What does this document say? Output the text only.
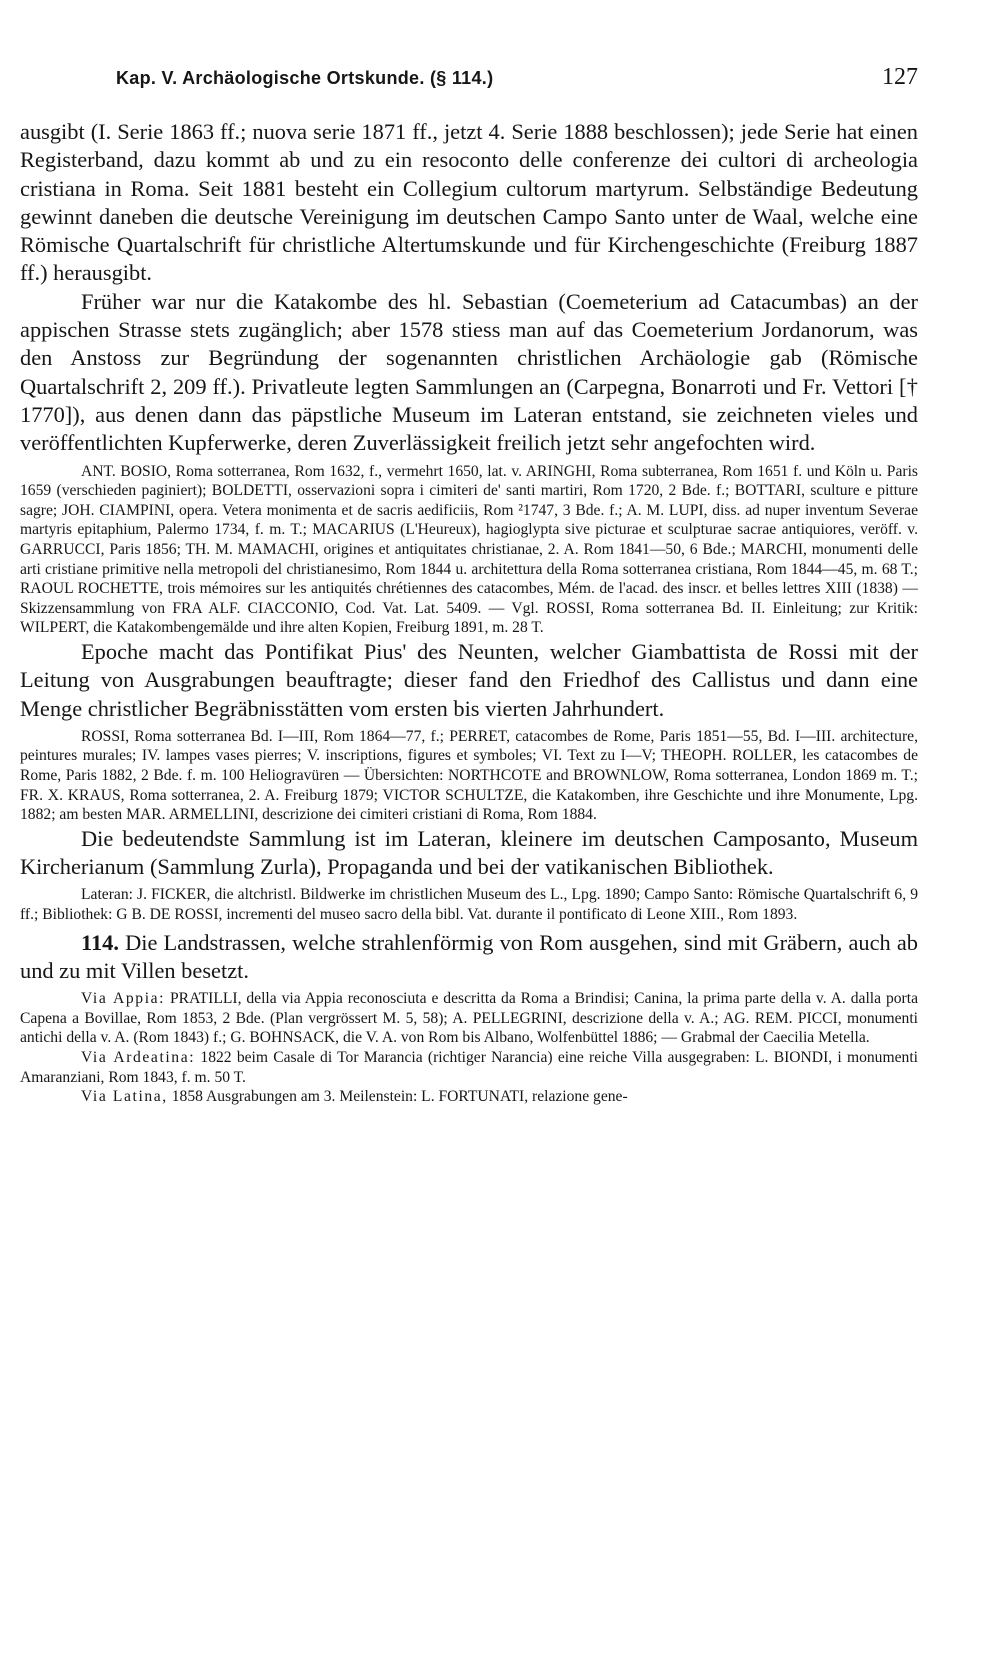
Kap. V. Archäologische Ortskunde. (§ 114.)	127

ausgibt (I. Serie 1863 ff.; nuova serie 1871 ff., jetzt 4. Serie 1888 beschlossen); jede Serie hat einen Registerband, dazu kommt ab und zu ein resoconto delle conferenze dei cultori di archeologia cristiana in Roma. Seit 1881 besteht ein Collegium cultorum martyrum. Selbständige Bedeutung gewinnt daneben die deutsche Vereinigung im deutschen Campo Santo unter de Waal, welche eine Römische Quartalschrift für christliche Altertumskunde und für Kirchengeschichte (Freiburg 1887 ff.) herausgibt.

Früher war nur die Katakombe des hl. Sebastian (Coemeterium ad Catacumbas) an der appischen Strasse stets zugänglich; aber 1578 stiess man auf das Coemeterium Jordanorum, was den Anstoss zur Begründung der sogenannten christlichen Archäologie gab (Römische Quartalschrift 2, 209 ff.). Privatleute legten Sammlungen an (Carpegna, Bonarroti und Fr. Vettori [† 1770]), aus denen dann das päpstliche Museum im Lateran entstand, sie zeichneten vieles und veröffentlichten Kupferwerke, deren Zuverlässigkeit freilich jetzt sehr angefochten wird.

ANT. BOSIO, Roma sotterranea, Rom 1632, f., vermehrt 1650, lat. v. ARINGHI, Roma subterranea, Rom 1651 f. und Köln u. Paris 1659 (verschieden paginiert); BOLDETTI, osservazioni sopra i cimiteri de' santi martiri, Rom 1720, 2 Bde. f.; BOTTARI, sculture e pitture sagre; JOH. CIAMPINI, opera. Vetera monimenta et de sacris aedificiis, Rom ²1747, 3 Bde. f.; A. M. LUPI, diss. ad nuper inventum Severae martyris epitaphium, Palermo 1734, f. m. T.; MACARIUS (L'Heureux), hagioglypta sive picturae et sculpturae sacrae antiquiores, veröff. v. GARRUCCI, Paris 1856; TH. M. MAMACHI, origines et antiquitates christianae, 2. A. Rom 1841—50, 6 Bde.; MARCHI, monumenti delle arti cristiane primitive nella metropoli del christianesimo, Rom 1844 u. architettura della Roma sotterranea cristiana, Rom 1844—45, m. 68 T.; RAOUL ROCHETTE, trois mémoires sur les antiquités chrétiennes des catacombes, Mém. de l'acad. des inscr. et belles lettres XIII (1838) — Skizzensammlung von FRA ALF. CIACCONIO, Cod. Vat. Lat. 5409. — Vgl. ROSSI, Roma sotterranea Bd. II. Einleitung; zur Kritik: WILPERT, die Katakombengemälde und ihre alten Kopien, Freiburg 1891, m. 28 T.

Epoche macht das Pontifikat Pius' des Neunten, welcher Giambattista de Rossi mit der Leitung von Ausgrabungen beauftragte; dieser fand den Friedhof des Callistus und dann eine Menge christlicher Begräbnisstätten vom ersten bis vierten Jahrhundert.

ROSSI, Roma sotterranea Bd. I—III, Rom 1864—77, f.; PERRET, catacombes de Rome, Paris 1851—55, Bd. I—III. architecture, peintures murales; IV. lampes vases pierres; V. inscriptions, figures et symboles; VI. Text zu I—V; THEOPH. ROLLER, les catacombes de Rome, Paris 1882, 2 Bde. f. m. 100 Heliogravüren — Übersichten: NORTHCOTE and BROWNLOW, Roma sotterranea, London 1869 m. T.; FR. X. KRAUS, Roma sotterranea, 2. A. Freiburg 1879; VICTOR SCHULTZE, die Katakomben, ihre Geschichte und ihre Monumente, Lpg. 1882; am besten MAR. ARMELLINI, descrizione dei cimiteri cristiani di Roma, Rom 1884.

Die bedeutendste Sammlung ist im Lateran, kleinere im deutschen Camposanto, Museum Kircherianum (Sammlung Zurla), Propaganda und bei der vatikanischen Bibliothek.

Lateran: J. FICKER, die altchristl. Bildwerke im christlichen Museum des L., Lpg. 1890; Campo Santo: Römische Quartalschrift 6, 9 ff.; Bibliothek: G B. DE ROSSI, incrementi del museo sacro della bibl. Vat. durante il pontificato di Leone XIII., Rom 1893.

114. Die Landstrassen, welche strahlenförmig von Rom ausgehen, sind mit Gräbern, auch ab und zu mit Villen besetzt.

Via Appia: PRATILLI, della via Appia reconosciuta e descritta da Roma a Brindisi; Canina, la prima parte della v. A. dalla porta Capena a Bovillae, Rom 1853, 2 Bde. (Plan vergrössert M. 5, 58); A. PELLEGRINI, descrizione della v. A.; AG. REM. PICCI, monumenti antichi della v. A. (Rom 1843) f.; G. BOHNSACK, die V. A. von Rom bis Albano, Wolfenbüttel 1886; — Grabmal der Caecilia Metella.

Via Ardeatina: 1822 beim Casale di Tor Marancia (richtiger Narancia) eine reiche Villa ausgegraben: L. BIONDI, i monumenti Amaranziani, Rom 1843, f. m. 50 T.

Via Latina, 1858 Ausgrabungen am 3. Meilenstein: L. FORTUNATI, relazione gene-
